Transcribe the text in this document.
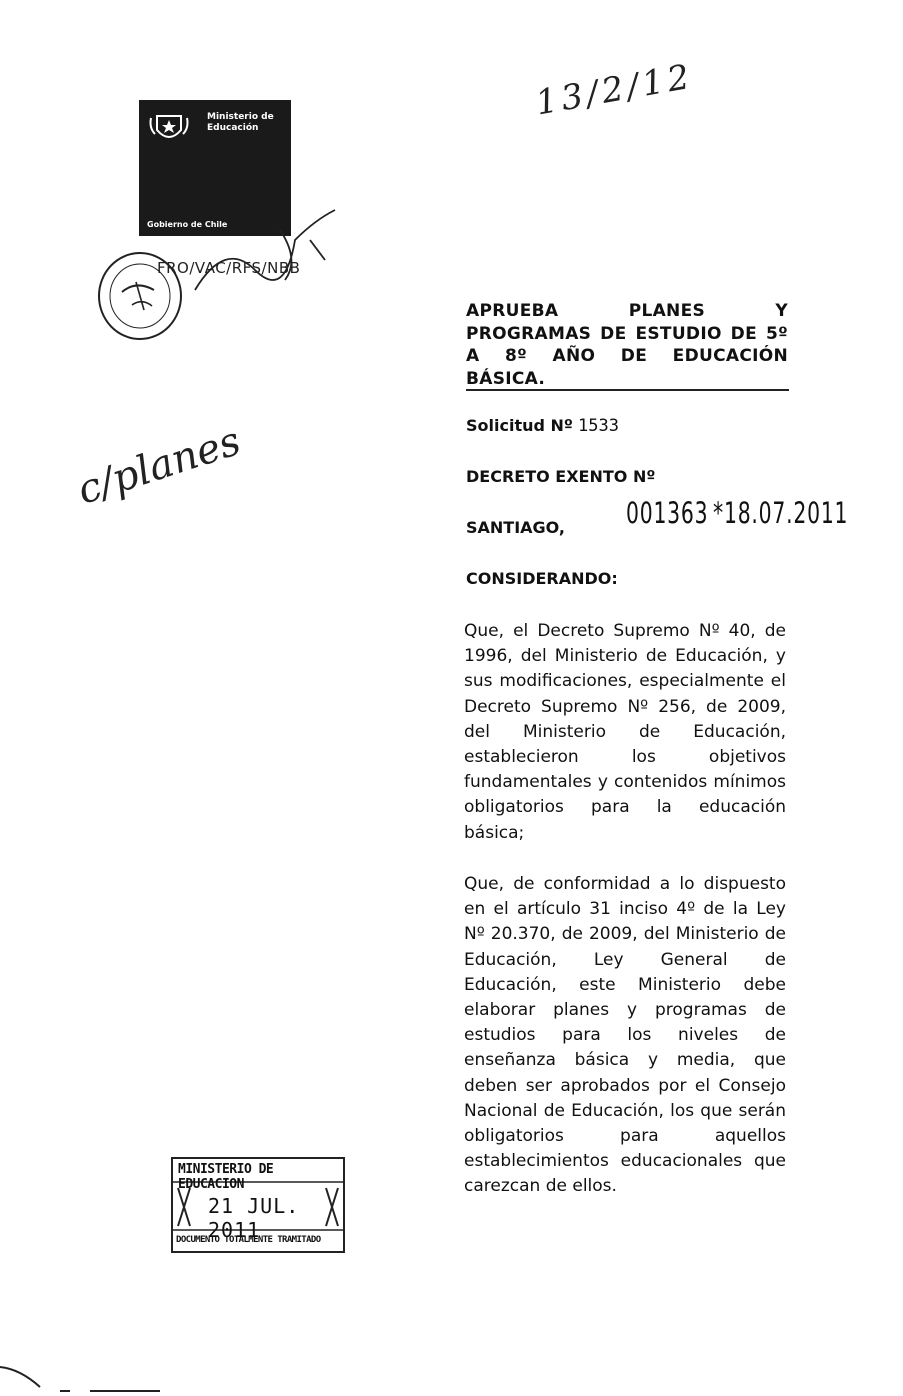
Ministerio de Educación
Gobierno de Chile
13/2/12
FRO/VAC/RFS/NBB
APRUEBA PLANES Y PROGRAMAS DE ESTUDIO DE 5º A 8º AÑO DE EDUCACIÓN BÁSICA.
Solicitud Nº 1533
DECRETO EXENTO Nº
SANTIAGO, 001363 *18.07.2011
CONSIDERANDO:
Que, el Decreto Supremo Nº 40, de 1996, del Ministerio de Educación, y sus modificaciones, especialmente el Decreto Supremo Nº 256, de 2009, del Ministerio de Educación, establecieron los objetivos fundamentales y contenidos mínimos obligatorios para la educación básica;
Que, de conformidad a lo dispuesto en el artículo 31 inciso 4º de la Ley Nº 20.370, de 2009, del Ministerio de Educación, Ley General de Educación, este Ministerio debe elaborar planes y programas de estudios para los niveles de enseñanza básica y media, que deben ser aprobados por el Consejo Nacional de Educación, los que serán obligatorios para aquellos establecimientos educacionales que carezcan de ellos.
c/planes
MINISTERIO DE EDUCACION
21 JUL. 2011
DOCUMENTO TOTALMENTE TRAMITADO
